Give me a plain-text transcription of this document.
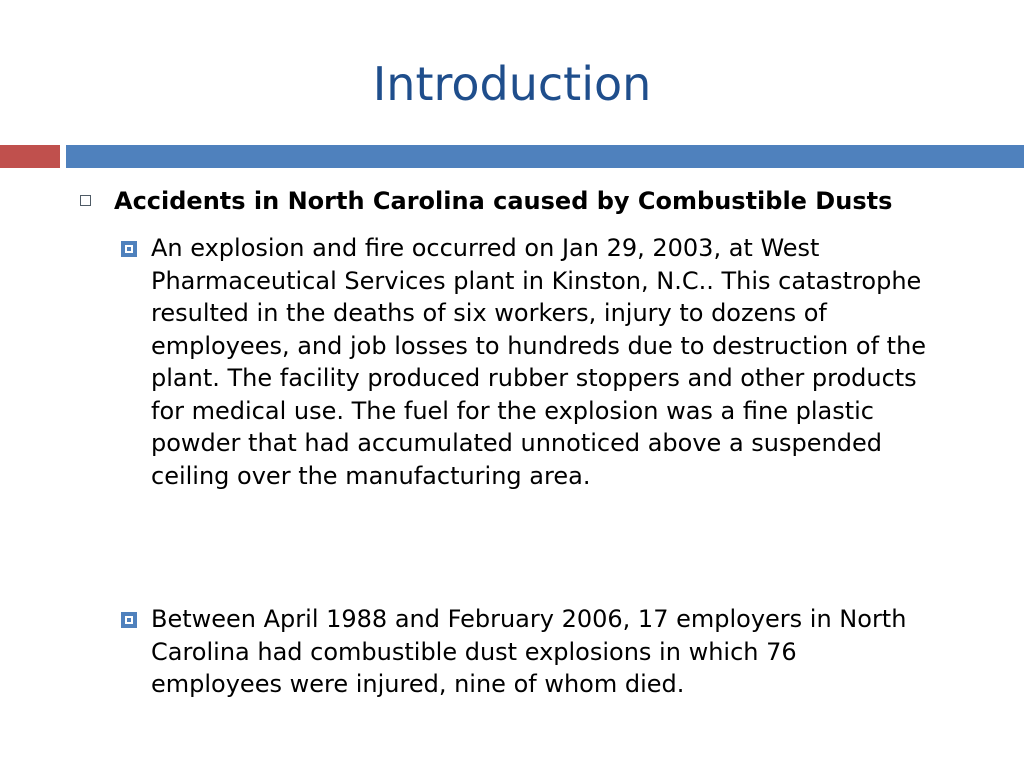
Introduction
Accidents in North Carolina caused by Combustible Dusts
An explosion and fire occurred on Jan 29, 2003, at West Pharmaceutical Services plant in Kinston, N.C.. This catastrophe resulted in the deaths of six workers, injury to dozens of employees, and job losses to hundreds due to destruction of the plant. The facility produced rubber stoppers and other products for medical use. The fuel for the explosion was a fine plastic powder that had accumulated unnoticed above a suspended ceiling over the manufacturing area.
Between April 1988 and February 2006, 17 employers in North Carolina had combustible dust explosions in which 76 employees were injured, nine of whom died.
